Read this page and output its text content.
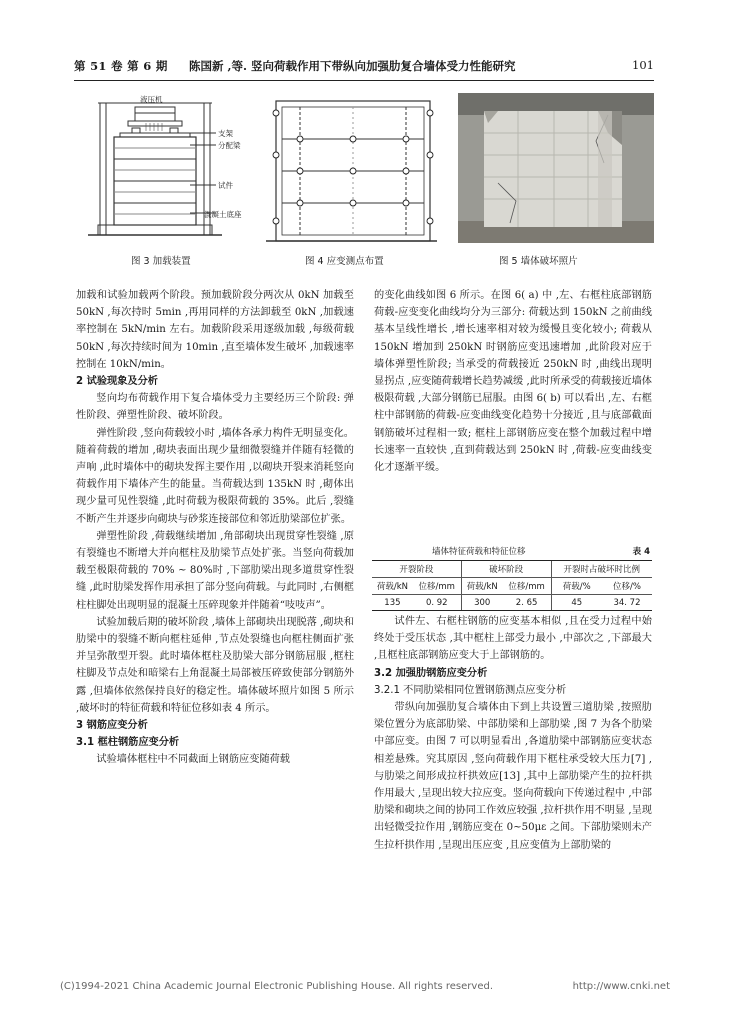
第 51 卷 第 6 期 陈国新 ,等. 竖向荷载作用下带纵向加强肋复合墙体受力性能研究	101
液压机
支架
分配梁
试件
混凝土底座
图 3 加载装置	图 4 应变测点布置	图 5 墙体破坏照片

加载和试验加载两个阶段。预加载阶段分两次从 0kN 加载至 50kN ,每次持时 5min ,再用同样的方法卸载至 0kN ,加载速率控制在 5kN/min 左右。加载阶段采用逐级加载 ,每级荷载 50kN ,每次持续时间为 10min ,直至墙体发生破坏 ,加载速率控制在 10kN/min。

2 试验现象及分析

竖向均布荷载作用下复合墙体受力主要经历三个阶段: 弹性阶段、弹塑性阶段、破坏阶段。

弹性阶段 ,竖向荷载较小时 ,墙体各承力构件无明显变化。随着荷载的增加 ,砌块表面出现少量细微裂缝并伴随有轻微的声响 ,此时墙体中的砌块发挥主要作用 ,以砌块开裂来消耗竖向荷载作用下墙体产生的能量。当荷载达到 135kN 时 ,砌体出现少量可见性裂缝 ,此时荷载为极限荷载的 35%。此后 ,裂缝不断产生并逐步向砌块与砂浆连接部位和邻近肋梁部位扩张。

弹塑性阶段 ,荷载继续增加 ,角部砌块出现贯穿性裂缝 ,原有裂缝也不断增大并向框柱及肋梁节点处扩张。当竖向荷载加载至极限荷载的 70% ~ 80%时 ,下部肋梁出现多道贯穿性裂缝 ,此时肋梁发挥作用承担了部分竖向荷载。与此同时 ,右侧框柱柱脚处出现明显的混凝土压碎现象并伴随着“吱吱声”。

试验加载后期的破坏阶段 ,墙体上部砌块出现脱落 ,砌块和肋梁中的裂缝不断向框柱延伸 ,节点处裂缝也向框柱侧面扩张并呈弥散型开裂。此时墙体框柱及肋梁大部分钢筋屈服 ,框柱柱脚及节点处和暗梁右上角混凝土局部被压碎致使部分钢筋外露 ,但墙体依然保持良好的稳定性。墙体破坏照片如图 5 所示 ,破坏时的特征荷载和特征位移如表 4 所示。

3 钢筋应变分析

3.1 框柱钢筋应变分析

试验墙体框柱中不同截面上钢筋应变随荷载

的变化曲线如图 6 所示。在图 6( a) 中 ,左、右框柱底部钢筋荷载-应变变化曲线均分为三部分: 荷载达到 150kN 之前曲线基本呈线性增长 ,增长速率相对较为缓慢且变化较小; 荷载从 150kN 增加到 250kN 时钢筋应变迅速增加 ,此阶段对应于墙体弹塑性阶段; 当承受的荷载接近 250kN 时 ,曲线出现明显拐点 ,应变随荷载增长趋势减缓 ,此时所承受的荷载接近墙体极限荷载 ,大部分钢筋已屈服。由图 6( b) 可以看出 ,左、右框柱中部钢筋的荷载-应变曲线变化趋势十分接近 ,且与底部截面钢筋破坏过程相一致; 框柱上部钢筋应变在整个加载过程中增长速率一直较快 ,直到荷载达到 250kN 时 ,荷载-应变曲线变化才逐渐平缓。

墙体特征荷载和特征位移	表 4
开裂阶段		破坏阶段		开裂时占破坏时比例	
荷载/kN	位移/mm	荷载/kN	位移/mm	荷载/%	位移/%
135	0. 92	300	2. 65	45	34. 72

试件左、右框柱钢筋的应变基本相似 ,且在受力过程中始终处于受压状态 ,其中框柱上部受力最小 ,中部次之 ,下部最大 ,且框柱底部钢筋应变大于上部钢筋的。

3.2 加强肋钢筋应变分析

3.2.1 不同肋梁相同位置钢筋测点应变分析

带纵向加强肋复合墙体由下到上共设置三道肋梁 ,按照肋梁位置分为底部肋梁、中部肋梁和上部肋梁 ,图 7 为各个肋梁中部应变。由图 7 可以明显看出 ,各道肋梁中部钢筋应变状态相差悬殊。究其原因 ,竖向荷载作用下框柱承受较大压力[7] ,与肋梁之间形成拉杆拱效应[13] ,其中上部肋梁产生的拉杆拱作用最大 ,呈现出较大拉应变。竖向荷载向下传递过程中 ,中部肋梁和砌块之间的协同工作效应较强 ,拉杆拱作用不明显 ,呈现出轻微受拉作用 ,钢筋应变在 0~50με 之间。下部肋梁则未产生拉杆拱作用 ,呈现出压应变 ,且应变值为上部肋梁的

(C)1994-2021 China Academic Journal Electronic Publishing House. All rights reserved.	http://www.cnki.net
